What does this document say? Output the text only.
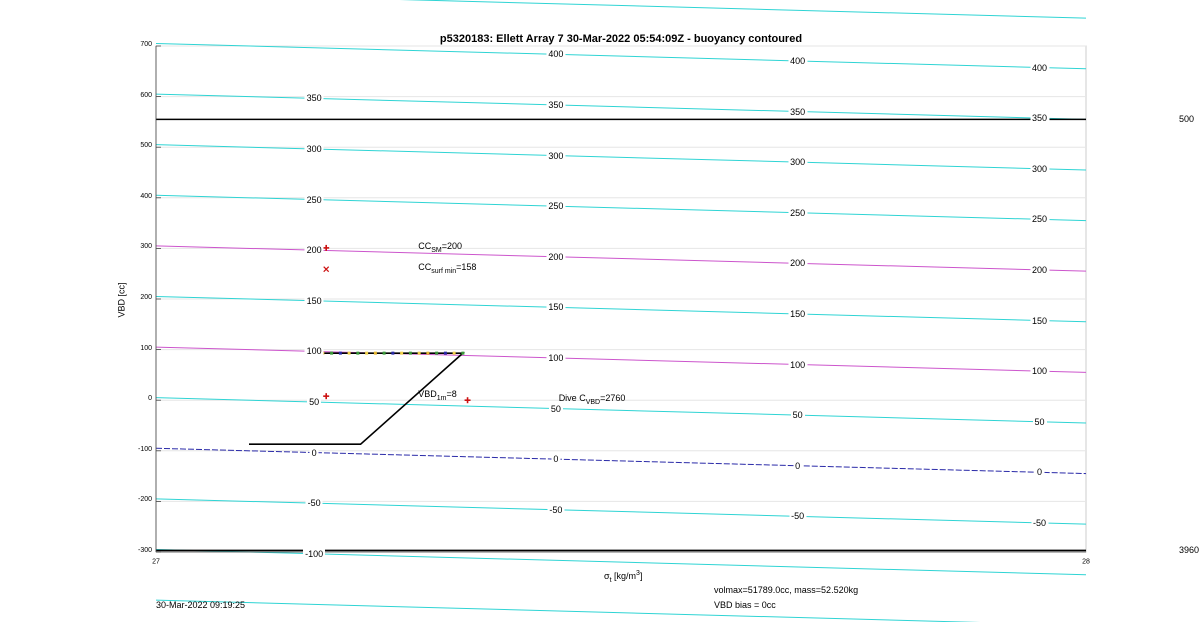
-300
-200
-100
0
100
200
300
400
500
600
700
27	28
-100
-50
-50
-50
-50
0
0
0
0
50
50
50
50
100
100
100
100
150
150
150
150
200
200
200
200
250
250
250
250
300
300
300
300
350
350
350
350
400
400
400
500
3960
$CC_{SM}=200$
$CC_{surf min}=158$
$VBD_{1m}=8$	Dive $C_{VBD}=2760$
p5320183: Ellett Array 7 30-Mar-2022 05:54:09Z - buoyancy contoured
$\sigma_t$ $[kg/m^3]$
VBD [cc]
30-Mar-2022 09:19:25
volmax=51789.0cc, mass=52.520kg
VBD bias = 0cc
